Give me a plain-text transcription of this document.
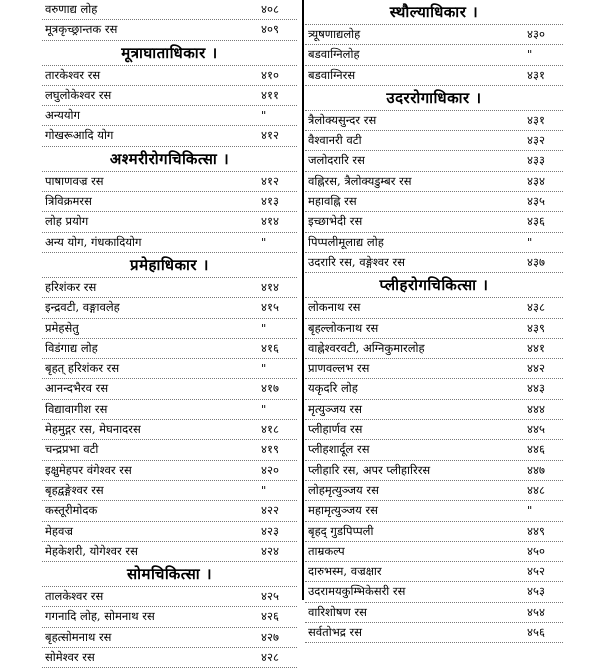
वरुणाद्य लोह	४०८
मूत्रकृच्छ्रान्तक रस	४०९
मूत्राघाताधिकार ।
तारकेश्वर रस	४१०
लघुलोकेश्वर रस	४११
अन्ययोग	"
गोखरूआदि योग	४१२
अश्मरीरोगचिकित्सा ।
पाषाणवज्र रस	४१२
त्रिविक्रमरस	४१३
लोह प्रयोग	४१४
अन्य योग, गंधकादियोग	"
प्रमेहाधिकार ।
हरिशंकर रस	४१४
इन्द्रवटी, वङ्गावलेह	४१५
प्रमेहसेतु	"
विडंगाद्य लोह	४१६
बृहत् हरिशंकर रस	"
आनन्दभैरव रस	४१७
विद्यावागीश रस	"
मेहमुद्गर रस, मेघनादरस	४१८
चन्द्रप्रभा वटी	४१९
इक्षुमेहपर वंगेश्वर रस	४२०
बृहद्वङ्गेश्वर रस	"
कस्तूरीमोदक	४२२
मेहवज्र	४२३
मेहकेशरी, योगेश्वर रस	४२४
सोमचिकित्सा ।
तालकेश्वर रस	४२५
गगनादि लोह, सोमनाथ रस	४२६
बृहत्सोमनाथ रस	४२७
सोमेश्वर रस	४२८
स्थौल्याधिकार ।
त्र्यूषणाद्यलोह	४३०
बडवाग्निलोह	"
बडवाग्निरस	४३१
उदररोगाधिकार ।
त्रैलोक्यसुन्दर रस	४३१
वैश्वानरी वटी	४३२
जलोदरारि रस	४३३
वह्निरस, त्रैलोक्यडुम्बर रस	४३४
महावह्नि रस	४३५
इच्छाभेदी रस	४३६
पिप्पलीमूलाद्य लोह	"
उदरारि रस, वङ्गेश्वर रस	४३७
प्लीहरोगचिकित्सा ।
लोकनाथ रस	४३८
बृहल्लोकनाथ रस	४३९
वाह्नेश्वरवटी, अग्निकुमारलोह	४४१
प्राणवल्लभ रस	४४२
यकृदरि लोह	४४३
मृत्युञ्जय रस	४४४
प्लीहार्णव रस	४४५
प्लीहशार्दूल रस	४४६
प्लीहारि रस, अपर प्लीहारिरस	४४७
लोहमृत्युञ्जय रस	४४८
महामृत्युञ्जय रस	"
बृहद् गुडपिप्पली	४४९
ताम्रकल्प	४५०
दारुभस्म, वज्रक्षार	४५२
उदरामयकुम्भिकेसरी रस	४५३
वारिशोषण रस	४५४
सर्वतोभद्र रस	४५६
